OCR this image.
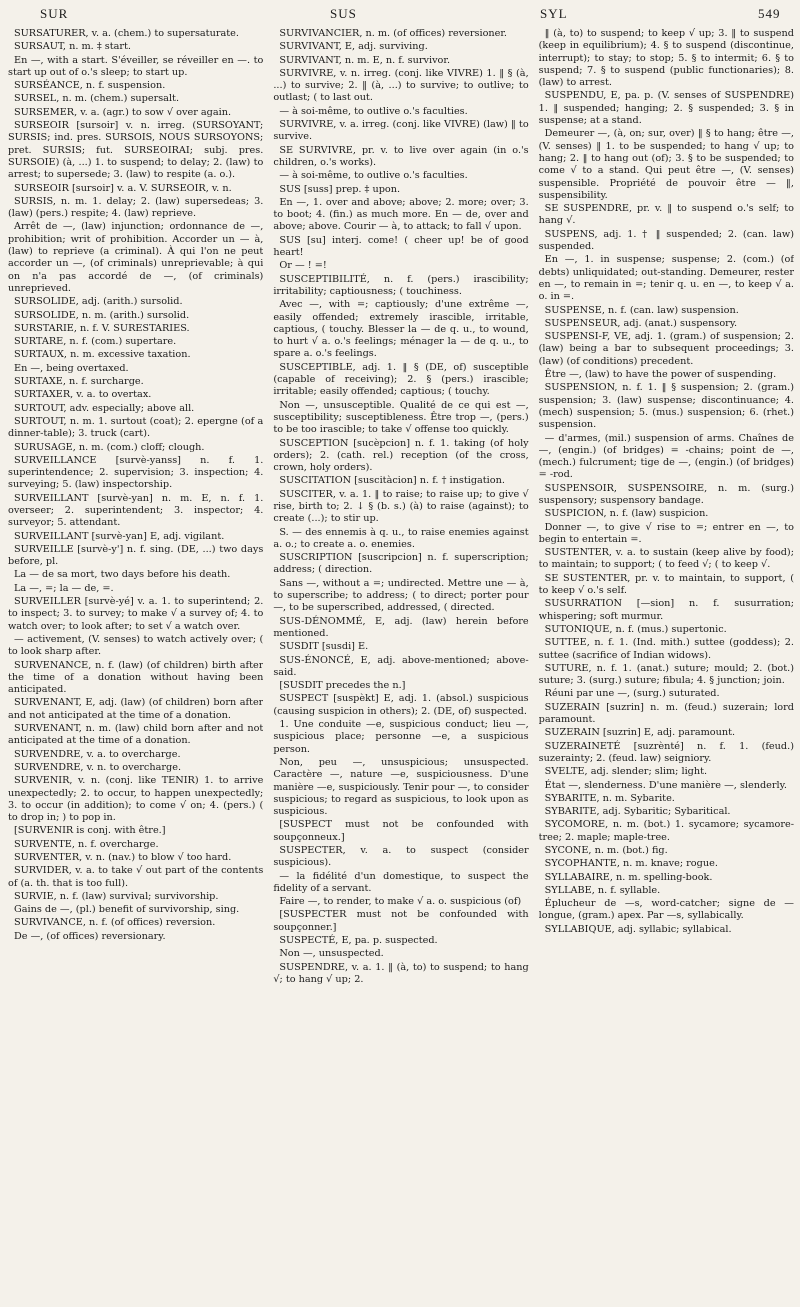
SUR	SUS	SYL	549
SURSATURER, v. a. (chem.) to supersaturate.
SURSAUT, n. m. ‡ start.
En —, with a start. S'éveiller, se réveiller en —. to start up out of o.'s sleep; to start up.
SURSÉANCE, n. f. suspension.
SURSEL, n. m. (chem.) supersalt.
SURSEMER, v. a. (agr.) to sow √ over again.
SURSEOIR [sursoir] v. n. irreg. (SURSOYANT; SURSIS; ind. pres. SURSOIS, NOUS SURSOYONS; pret. SURSIS; fut. SURSEOIRAI; subj. pres. SURSOIE) (à, ...) 1. to suspend; to delay; 2. (law) to arrest; to supersede; 3. (law) to respite (a. o.).
SURSEOIR [sursoir] v. a. V. SURSEOIR, v. n.
SURSIS, n. m. 1. delay; 2. (law) supersedeas; 3. (law) (pers.) respite; 4. (law) reprieve.
Arrêt de —, (law) injunction; ordonnance de —, prohibition; writ of prohibition. Accorder un — à, (law) to reprieve (a criminal). À qui l'on ne peut accorder un —, (of criminals) unreprievable; à qui on n'a pas accordé de —, (of criminals) unreprieved.
SURSOLIDE, adj. (arith.) sursolid.
SURSOLIDE, n. m. (arith.) sursolid.
SURSTARIE, n. f. V. SURESTARIES.
SURTARE, n. f. (com.) supertare.
SURTAUX, n. m. excessive taxation.
En —, being overtaxed.
SURTAXE, n. f. surcharge.
SURTAXER, v. a. to overtax.
SURTOUT, adv. especially; above all.
SURTOUT, n. m. 1. surtout (coat); 2. epergne (of a dinner-table); 3. truck (cart).
SURUSAGE, n. m. (com.) cloff; clough.
SURVEILLANCE [survè-yanss] n. f. 1. superintendence; 2. supervision; 3. inspection; 4. surveying; 5. (law) inspectorship.
SURVEILLANT [survè-yan] n. m. E, n. f. 1. overseer; 2. superintendent; 3. inspector; 4. surveyor; 5. attendant.
SURVEILLANT [survè-yan] E, adj. vigilant.
SURVEILLE [survè-y'] n. f. sing. (DE, ...) two days before, pl.
La — de sa mort, two days before his death.
La —, =; la — de, =.
SURVEILLER [survè-yé] v. a. 1. to superintend; 2. to inspect; 3. to survey; to make √ a survey of; 4. to watch over; to look after; to set √ a watch over.
— activement, (V. senses) to watch actively over; ( to look sharp after.
SURVENANCE, n. f. (law) (of children) birth after the time of a donation without having been anticipated.
SURVENANT, E, adj. (law) (of children) born after and not anticipated at the time of a donation.
SURVENANT, n. m. (law) child born after and not anticipated at the time of a donation.
SURVENDRE, v. a. to overcharge.
SURVENDRE, v. n. to overcharge.
SURVENIR, v. n. (conj. like TENIR) 1. to arrive unexpectedly; 2. to occur, to happen unexpectedly; 3. to occur (in addition); to come √ on; 4. (pers.) ( to drop in; ) to pop in.
[SURVENIR is conj. with être.]
SURVENTE, n. f. overcharge.
SURVENTER, v. n. (nav.) to blow √ too hard.
SURVIDER, v. a. to take √ out part of the contents of (a. th. that is too full).
SURVIE, n. f. (law) survival; survivorship.
Gains de —, (pl.) benefit of survivorship, sing.
SURVIVANCE, n. f. (of offices) reversion.
De —, (of offices) reversionary.
SURVIVANCIER, n. m. (of offices) reversioner.
SURVIVANT, E, adj. surviving.
SURVIVANT, n. m. E, n. f. survivor.
SURVIVRE, v. n. irreg. (conj. like VIVRE) 1. ‖ § (à, ...) to survive; 2. ‖ (à, ...) to survive; to outlive; to outlast; ( to last out.
— à soi-même, to outlive o.'s faculties.
SURVIVRE, v. a. irreg. (conj. like VIVRE) (law) ‖ to survive.
SE SURVIVRE, pr. v. to live over again (in o.'s children, o.'s works).
— à soi-même, to outlive o.'s faculties.
SUS [suss] prep. ‡ upon.
En —, 1. over and above; above; 2. more; over; 3. to boot; 4. (fin.) as much more. En — de, over and above; above. Courir — à, to attack; to fall √ upon.
SUS [su] interj. come! ( cheer up! be of good heart!
Or — ! =!
SUSCEPTIBILITÉ, n. f. (pers.) irascibility; irritability; captiousness; ( touchiness.
Avec —, with =; captiously; d'une extrême —, easily offended; extremely irascible, irritable, captious, ( touchy. Blesser la — de q. u., to wound, to hurt √ a. o.'s feelings; ménager la — de q. u., to spare a. o.'s feelings.
SUSCEPTIBLE, adj. 1. ‖ § (DE, of) susceptible (capable of receiving); 2. § (pers.) irascible; irritable; easily offended; captious; ( touchy.
Non —, unsusceptible. Qualité de ce qui est —, susceptibility; susceptibleness. Être trop —, (pers.) to be too irascible; to take √ offense too quickly.
SUSCEPTION [sucèpcion] n. f. 1. taking (of holy orders); 2. (cath. rel.) reception (of the cross, crown, holy orders).
SUSCITATION [suscitàcion] n. f. † instigation.
SUSCITER, v. a. 1. ‖ to raise; to raise up; to give √ rise, birth to; 2. ↓ § (b. s.) (à) to raise (against); to create (...); to stir up.
S. — des ennemis à q. u., to raise enemies against a. o.; to create a. o. enemies.
SUSCRIPTION [suscripcion] n. f. superscription; address; ( direction.
Sans —, without a =; undirected. Mettre une — à, to superscribe; to address; ( to direct; porter pour —, to be superscribed, addressed, ( directed.
SUS-DÉNOMMÉ, E, adj. (law) herein before mentioned.
SUSDIT [susdi] E.
SUS-ÉNONCÉ, E, adj. above-mentioned; above-said.
[SUSDIT precedes the n.]
SUSPECT [suspèkt] E, adj. 1. (absol.) suspicious (causing suspicion in others); 2. (DE, of) suspected.
1. Une conduite —e, suspicious conduct; lieu —, suspicious place; personne —e, a suspicious person.
Non, peu —, unsuspicious; unsuspected. Caractère —, nature —e, suspiciousness. D'une manière —e, suspiciously. Tenir pour —, to consider suspicious; to regard as suspicious, to look upon as suspicious.
[SUSPECT must not be confounded with soupçonneux.]
SUSPECTER, v. a. to suspect (consider suspicious).
— la fidélité d'un domestique, to suspect the fidelity of a servant.
Faire —, to render, to make √ a. o. suspicious (of)
[SUSPECTER must not be confounded with soupçonner.]
SUSPECTÉ, E, pa. p. suspected.
Non —, unsuspected.
SUSPENDRE, v. a. 1. ‖ (à, to) to suspend; to hang √; to hang √ up; 2.
‖ (à, to) to suspend; to keep √ up; 3. ‖ to suspend (keep in equilibrium); 4. § to suspend (discontinue, interrupt); to stay; to stop; 5. § to intermit; 6. § to suspend; 7. § to suspend (public functionaries); 8. (law) to arrest.
SUSPENDU, E, pa. p. (V. senses of SUSPENDRE) 1. ‖ suspended; hanging; 2. § suspended; 3. § in suspense; at a stand.
Demeurer —, (à, on; sur, over) ‖ § to hang; être —, (V. senses) ‖ 1. to be suspended; to hang √ up; to hang; 2. ‖ to hang out (of); 3. § to be suspended; to come √ to a stand. Qui peut être —, (V. senses) suspensible. Propriété de pouvoir être — ‖, suspensibility.
SE SUSPENDRE, pr. v. ‖ to suspend o.'s self; to hang √.
SUSPENS, adj. 1. † ‖ suspended; 2. (can. law) suspended.
En —, 1. in suspense; suspense; 2. (com.) (of debts) unliquidated; out-standing. Demeurer, rester en —, to remain in =; tenir q. u. en —, to keep √ a. o. in =.
SUSPENSE, n. f. (can. law) suspension.
SUSPENSEUR, adj. (anat.) suspensory.
SUSPENSI-F, VE, adj. 1. (gram.) of suspension; 2. (law) being a bar to subsequent proceedings; 3. (law) (of conditions) precedent.
Être —, (law) to have the power of suspending.
SUSPENSION, n. f. 1. ‖ § suspension; 2. (gram.) suspension; 3. (law) suspense; discontinuance; 4. (mech) suspension; 5. (mus.) suspension; 6. (rhet.) suspension.
— d'armes, (mil.) suspension of arms. Chaînes de —, (engin.) (of bridges) = -chains; point de —, (mech.) fulcrument; tige de —, (engin.) (of bridges) = -rod.
SUSPENSOIR, SUSPENSOIRE, n. m. (surg.) suspensory; suspensory bandage.
SUSPICION, n. f. (law) suspicion.
Donner —, to give √ rise to =; entrer en —, to begin to entertain =.
SUSTENTER, v. a. to sustain (keep alive by food); to maintain; to support; ( to feed √; ( to keep √.
SE SUSTENTER, pr. v. to maintain, to support, ( to keep √ o.'s self.
SUSURRATION [—sion] n. f. susurration; whispering; soft murmur.
SUTONIQUE, n. f. (mus.) supertonic.
SUTTEE, n. f. 1. (Ind. mith.) suttee (goddess); 2. suttee (sacrifice of Indian widows).
SUTURE, n. f. 1. (anat.) suture; mould; 2. (bot.) suture; 3. (surg.) suture; fibula; 4. § junction; join.
Réuni par une —, (surg.) suturated.
SUZERAIN [suzrin] n. m. (feud.) suzerain; lord paramount.
SUZERAIN [suzrin] E, adj. paramount.
SUZERAINETÉ [suzrènté] n. f. 1. (feud.) suzerainty; 2. (feud. law) seigniory.
SVELTE, adj. slender; slim; light.
État —, slenderness. D'une manière —, slenderly.
SYBARITE, n. m. Sybarite.
SYBARITE, adj. Sybaritic; Sybaritical.
SYCOMORE, n. m. (bot.) 1. sycamore; sycamore-tree; 2. maple; maple-tree.
SYCONE, n. m. (bot.) fig.
SYCOPHANTE, n. m. knave; rogue.
SYLLABAIRE, n. m. spelling-book.
SYLLABE, n. f. syllable.
Éplucheur de —s, word-catcher; signe de — longue, (gram.) apex. Par —s, syllabically.
SYLLABIQUE, adj. syllabic; syllabical.
